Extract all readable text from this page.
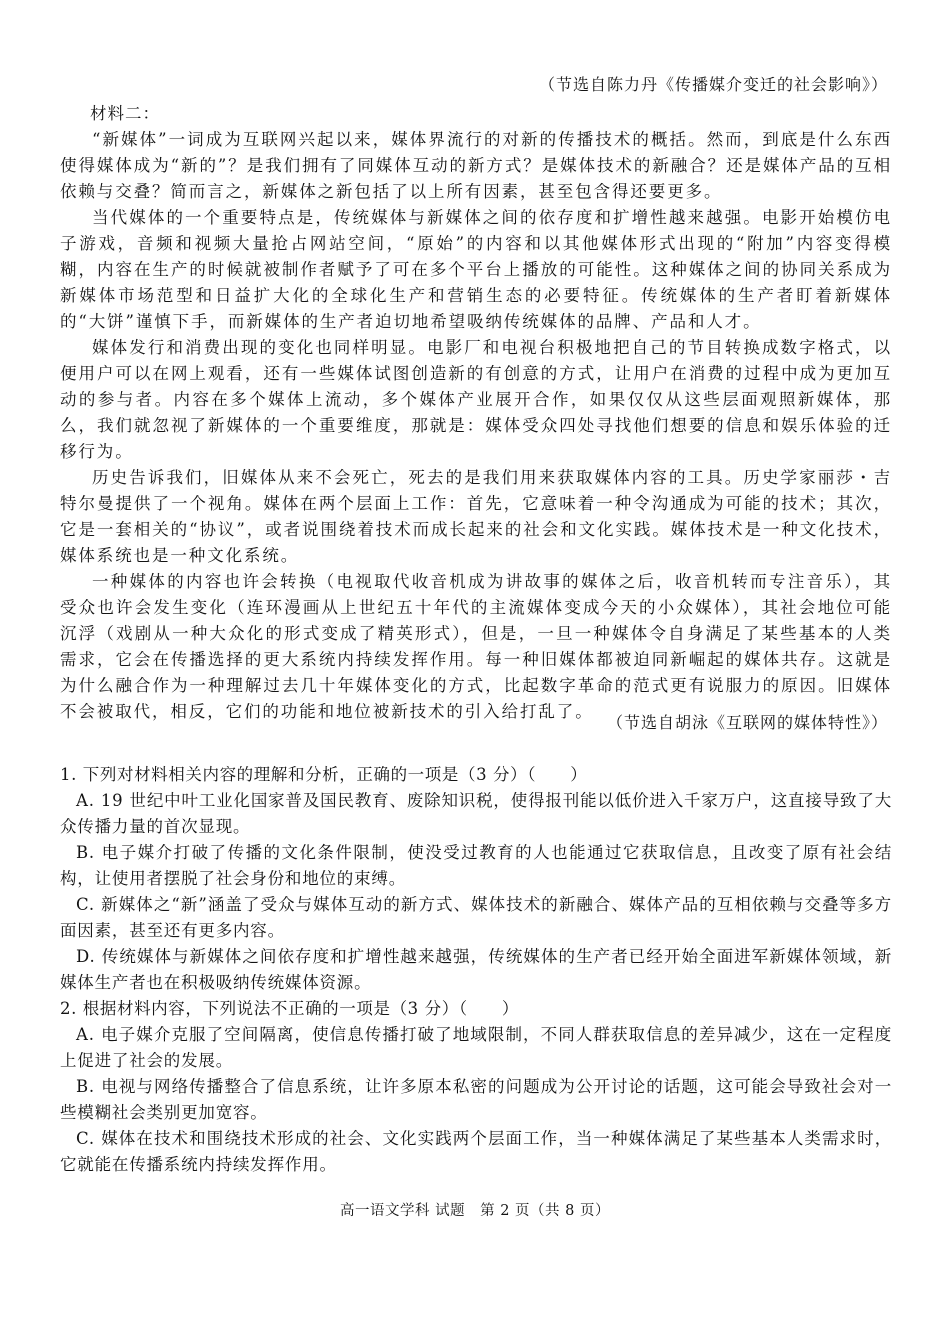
（节选自陈力丹《传播媒介变迁的社会影响》）
材料二：

“新媒体”一词成为互联网兴起以来，媒体界流行的对新的传播技术的概括。然而，到底是什么东西使得媒体成为“新的”？是我们拥有了同媒体互动的新方式？是媒体技术的新融合？还是媒体产品的互相依赖与交叠？简而言之，新媒体之新包括了以上所有因素，甚至包含得还要更多。

当代媒体的一个重要特点是，传统媒体与新媒体之间的依存度和扩增性越来越强。电影开始模仿电子游戏，音频和视频大量抢占网站空间，“原始”的内容和以其他媒体形式出现的“附加”内容变得模糊，内容在生产的时候就被制作者赋予了可在多个平台上播放的可能性。这种媒体之间的协同关系成为新媒体市场范型和日益扩大化的全球化生产和营销生态的必要特征。传统媒体的生产者盯着新媒体的“大饼”谨慎下手，而新媒体的生产者迫切地希望吸纳传统媒体的品牌、产品和人才。

媒体发行和消费出现的变化也同样明显。电影厂和电视台积极地把自己的节目转换成数字格式，以便用户可以在网上观看，还有一些媒体试图创造新的有创意的方式，让用户在消费的过程中成为更加互动的参与者。内容在多个媒体上流动，多个媒体产业展开合作，如果仅仅从这些层面观照新媒体，那么，我们就忽视了新媒体的一个重要维度，那就是：媒体受众四处寻找他们想要的信息和娱乐体验的迁移行为。

历史告诉我们，旧媒体从来不会死亡，死去的是我们用来获取媒体内容的工具。历史学家丽莎・吉特尔曼提供了一个视角。媒体在两个层面上工作：首先，它意味着一种令沟通成为可能的技术；其次，它是一套相关的“协议”，或者说围绕着技术而成长起来的社会和文化实践。媒体技术是一种文化技术，媒体系统也是一种文化系统。

一种媒体的内容也许会转换（电视取代收音机成为讲故事的媒体之后，收音机转而专注音乐），其受众也许会发生变化（连环漫画从上世纪五十年代的主流媒体变成今天的小众媒体），其社会地位可能沉浮（戏剧从一种大众化的形式变成了精英形式），但是，一旦一种媒体令自身满足了某些基本的人类需求，它会在传播选择的更大系统内持续发挥作用。每一种旧媒体都被迫同新崛起的媒体共存。这就是为什么融合作为一种理解过去几十年媒体变化的方式，比起数字革命的范式更有说服力的原因。旧媒体不会被取代，相反，它们的功能和地位被新技术的引入给打乱了。

（节选自胡泳《互联网的媒体特性》）

1. 下列对材料相关内容的理解和分析，正确的一项是（3 分）（　　）

A. 19 世纪中叶工业化国家普及国民教育、废除知识税，使得报刊能以低价进入千家万户，这直接导致了大众传播力量的首次显现。

B. 电子媒介打破了传播的文化条件限制，使没受过教育的人也能通过它获取信息，且改变了原有社会结构，让使用者摆脱了社会身份和地位的束缚。

C. 新媒体之“新”涵盖了受众与媒体互动的新方式、媒体技术的新融合、媒体产品的互相依赖与交叠等多方面因素，甚至还有更多内容。

D. 传统媒体与新媒体之间依存度和扩增性越来越强，传统媒体的生产者已经开始全面进军新媒体领域，新媒体生产者也在积极吸纳传统媒体资源。

2. 根据材料内容，下列说法不正确的一项是（3 分）（　　）

A. 电子媒介克服了空间隔离，使信息传播打破了地域限制，不同人群获取信息的差异减少，这在一定程度上促进了社会的发展。

B. 电视与网络传播整合了信息系统，让许多原本私密的问题成为公开讨论的话题，这可能会导致社会对一些模糊社会类别更加宽容。

C. 媒体在技术和围绕技术形成的社会、文化实践两个层面工作，当一种媒体满足了某些基本人类需求时，它就能在传播系统内持续发挥作用。

高一语文学科 试题　第 2 页（共 8 页）
